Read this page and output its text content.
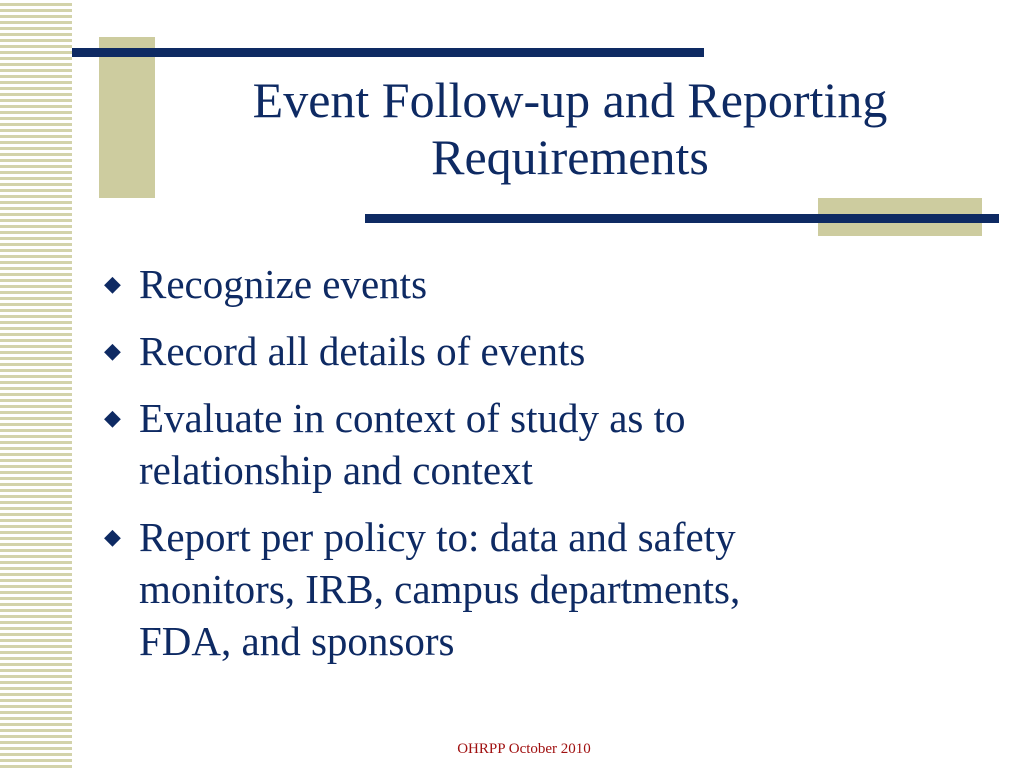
Event Follow-up and Reporting
Requirements
◆ Recognize events
◆ Record all details of events
◆ Evaluate in context of study as to
relationship and context
◆ Report per policy to: data and safety
monitors, IRB, campus departments,
FDA, and sponsors
OHRPP October 2010
